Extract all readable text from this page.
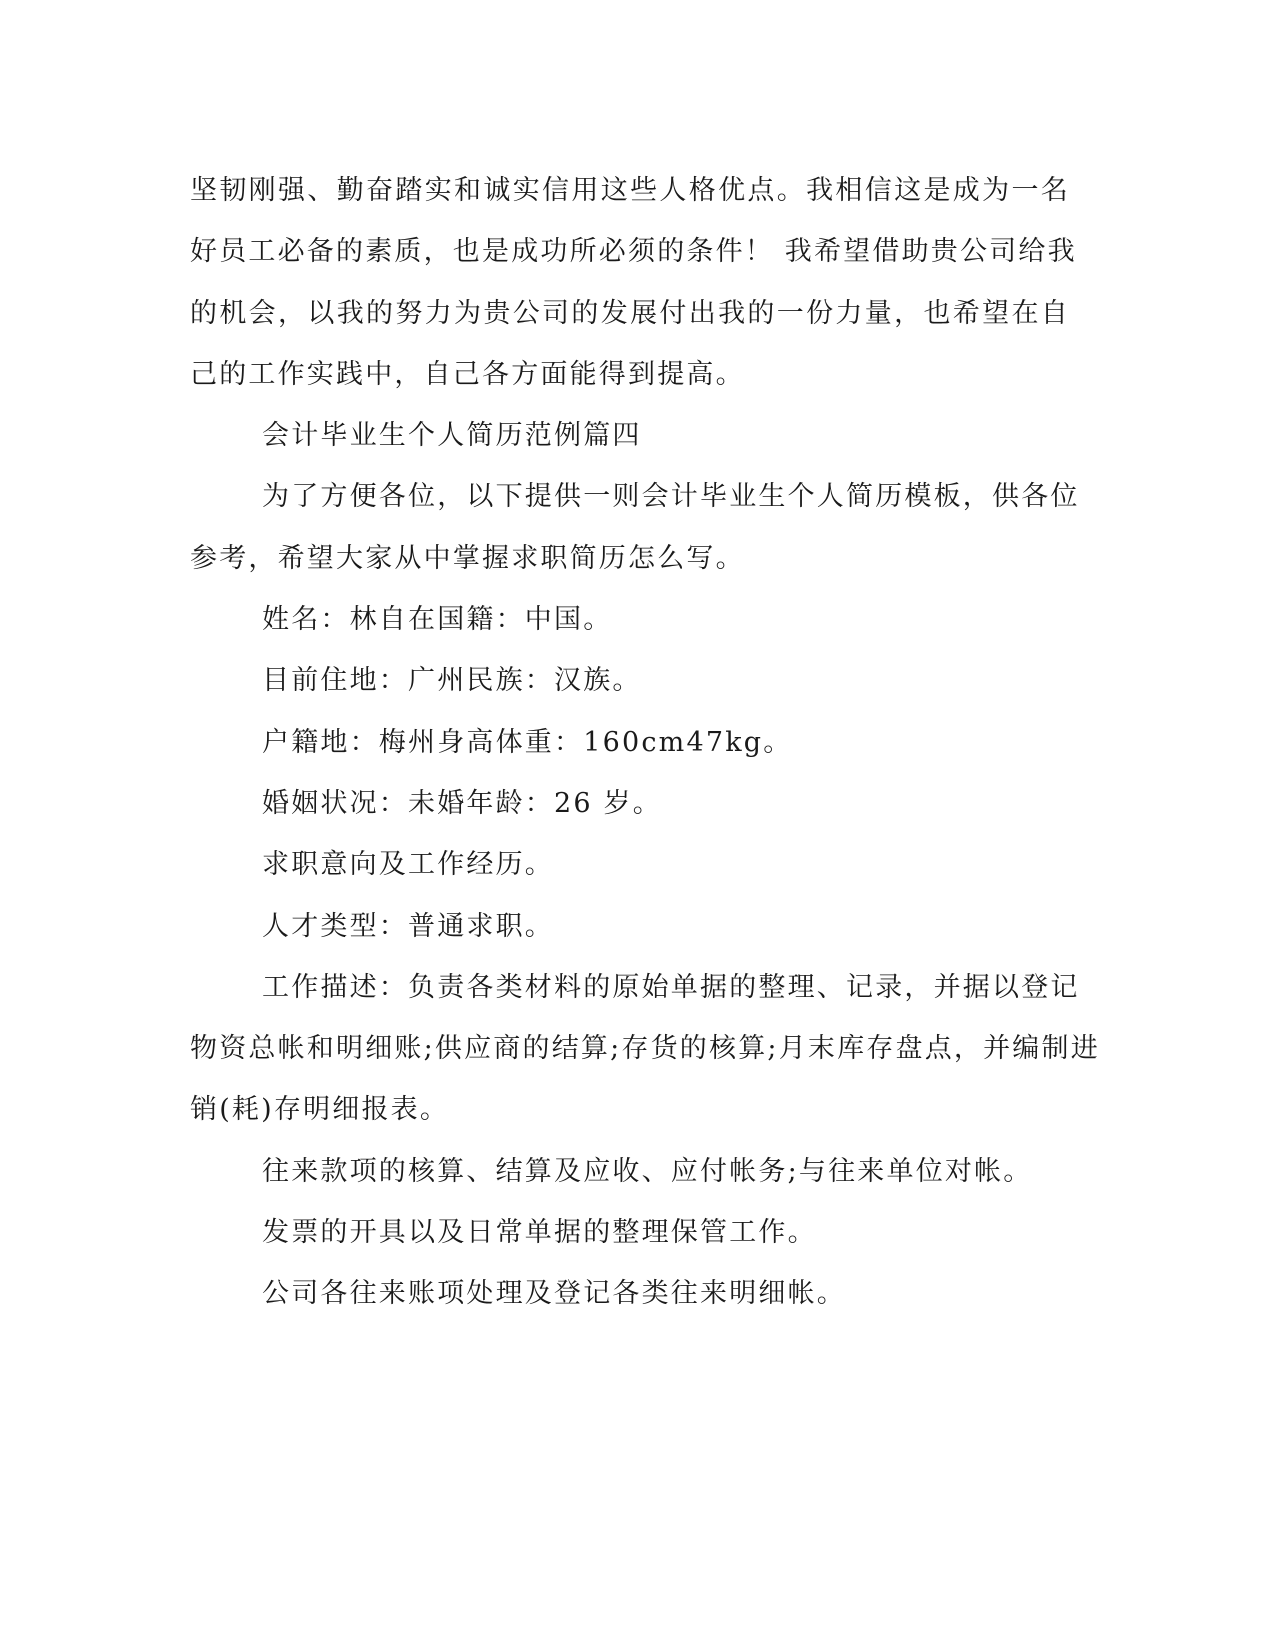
坚韧刚强、勤奋踏实和诚实信用这些人格优点。我相信这是成为一名
好员工必备的素质，也是成功所必须的条件！ 我希望借助贵公司给我
的机会，以我的努力为贵公司的发展付出我的一份力量，也希望在自
己的工作实践中，自己各方面能得到提高。
会计毕业生个人简历范例篇四
为了方便各位，以下提供一则会计毕业生个人简历模板，供各位
参考，希望大家从中掌握求职简历怎么写。
姓名：林自在国籍：中国。
目前住地：广州民族：汉族。
户籍地：梅州身高体重：160cm47kg。
婚姻状况：未婚年龄：26 岁。
求职意向及工作经历。
人才类型：普通求职。
工作描述：负责各类材料的原始单据的整理、记录，并据以登记
物资总帐和明细账;供应商的结算;存货的核算;月末库存盘点，并编制进
销(耗)存明细报表。
往来款项的核算、结算及应收、应付帐务;与往来单位对帐。
发票的开具以及日常单据的整理保管工作。
公司各往来账项处理及登记各类往来明细帐。
